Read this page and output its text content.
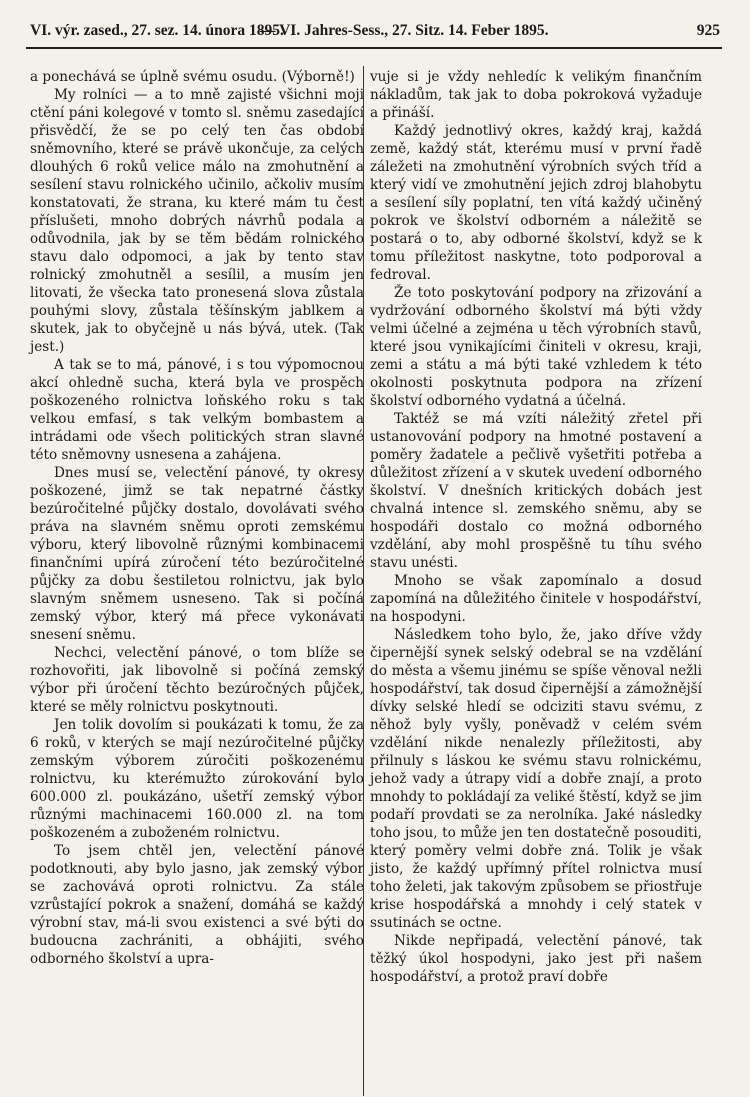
VI. výr. zased., 27. sez. 14. února 1895.
— VI. Jahres-Sess., 27. Sitz. 14. Feber 1895.	925

a ponechává se úplně svému osudu. (Výborně!)

My rolníci — a to mně zajisté všichni moji ctění páni kolegové v tomto sl. sněmu zasedající přisvědčí, že se po celý ten čas období sněmovního, které se právě ukončuje, za celých dlouhých 6 roků velice málo na zmohutnění a sesílení stavu rolnického učinilo, ačkoliv musím konstatovati, že strana, ku které mám tu čest příslušeti, mnoho dobrých návrhů podala a odůvodnila, jak by se těm bědám rolnického stavu dalo odpomoci, a jak by tento stav rolnický zmohutněl a sesílil, a musím jen litovati, že všecka tato pronesená slova zůstala pouhými slovy, zůstala těšínským jablkem a skutek, jak to obyčejně u nás bývá, utek. (Tak jest.)

A tak se to má, pánové, i s tou výpomocnou akcí ohledně sucha, která byla ve prospěch poškozeného rolnictva loňského roku s tak velkou emfasí, s tak velkým bombastem a intrádami ode všech politických stran slavné této sněmovny usnesena a zahájena.

Dnes musí se, velectění pánové, ty okresy poškozené, jimž se tak nepatrné částky bezúročitelné půjčky dostalo, dovolávati svého práva na slavném sněmu oproti zemskému výboru, který libovolně různými kombinacemi finančními upírá zúročení této bezúročitelné půjčky za dobu šestiletou rolnictvu, jak bylo slavným sněmem usneseno. Tak si počíná zemský výbor, který má přece vykonávati snesení sněmu.

Nechci, velectění pánové, o tom blíže se rozhovořiti, jak libovolně si počíná zemský výbor při úročení těchto bezúročných půjček, které se měly rolnictvu poskytnouti.

Jen tolik dovolím si poukázati k tomu, že za 6 roků, v kterých se mají nezúročitelné půjčky zemským výborem zúročiti poškozenému rolnictvu, ku kterémužto zúrokování bylo 600.000 zl. poukázáno, ušetří zemský výbor různými machinacemi 160.000 zl. na tom poškozeném a zuboženém rolnictvu.

To jsem chtěl jen, velectění pánové podotknouti, aby bylo jasno, jak zemský výbor se zachovává oproti rolnictvu. Za stále vzrůstající pokrok a snažení, domáhá se každý výrobní stav, má-li svou existenci a své býti do budoucna zachrániti, a obhájiti, svého odborného školství a upra-

vuje si je vždy nehledíc k velikým finančním nákladům, tak jak to doba pokroková vyžaduje a přináší.

Každý jednotlivý okres, každý kraj, každá země, každý stát, kterému musí v první řadě záležeti na zmohutnění výrobních svých tříd a který vidí ve zmohutnění jejich zdroj blahobytu a sesílení síly poplatní, ten vítá každý učiněný pokrok ve školství odborném a náležitě se postará o to, aby odborné školství, když se k tomu příležitost naskytne, toto podporoval a fedroval.

Že toto poskytování podpory na zřizování a vydržování odborného školství má býti vždy velmi účelné a zejména u těch výrobních stavů, které jsou vynikajícími činiteli v okresu, kraji, zemi a státu a má býti také vzhledem k této okolnosti poskytnuta podpora na zřízení školství odborného vydatná a účelná.

Taktéž se má vzíti náležitý zřetel při ustanovování podpory na hmotné postavení a poměry žadatele a pečlivě vyšetřiti potřeba a důležitost zřízení a v skutek uvedení odborného školství. V dnešních kritických dobách jest chvalná intence sl. zemského sněmu, aby se hospodáři dostalo co možná odborného vzdělání, aby mohl prospěšně tu tíhu svého stavu unésti.

Mnoho se však zapomínalo a dosud zapomíná na důležitého činitele v hospodářství, na hospodyni.

Následkem toho bylo, že, jako dříve vždy čipernější synek selský odebral se na vzdělání do města a všemu jinému se spíše věnoval nežli hospodářství, tak dosud čipernější a zámožnější dívky selské hledí se odciziti stavu svému, z něhož byly vyšly, poněvadž v celém svém vzdělání nikde nenalezly příležitosti, aby přilnuly s láskou ke svému stavu rolnickému, jehož vady a útrapy vidí a dobře znají, a proto mnohdy to pokládají za veliké štěstí, když se jim podaří provdati se za nerolníka. Jaké následky toho jsou, to může jen ten dostatečně posouditi, který poměry velmi dobře zná. Tolik je však jisto, že každý upřímný přítel rolnictva musí toho želeti, jak takovým způsobem se přiostřuje krise hospodářská a mnohdy i celý statek v ssutinách se octne.

Nikde nepřipadá, velectění pánové, tak těžký úkol hospodyni, jako jest při našem hospodářství, a protož praví dobře
